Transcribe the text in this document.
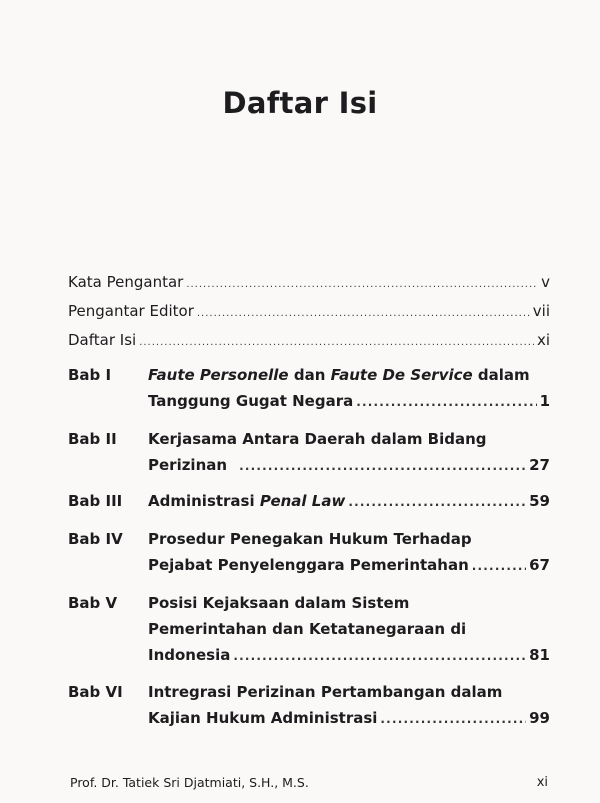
Daftar Isi
Kata Pengantar .....	v
Pengantar Editor .....	vii
Daftar Isi .....	xi
Bab I Faute Personelle dan Faute De Service dalam
Tanggung Gugat Negara .....	1
Bab II Kerjasama Antara Daerah dalam Bidang
Perizinan .....	27
Bab III Administrasi Penal Law .....	59
Bab IV Prosedur Penegakan Hukum Terhadap
Pejabat Penyelenggara Pemerintahan .....	67
Bab V Posisi Kejaksaan dalam Sistem
Pemerintahan dan Ketatanegaraan di
Indonesia .....	81
Bab VI Intregrasi Perizinan Pertambangan dalam
Kajian Hukum Administrasi .....	99
Prof. Dr. Tatiek Sri Djatmiati, S.H., M.S.	xi
